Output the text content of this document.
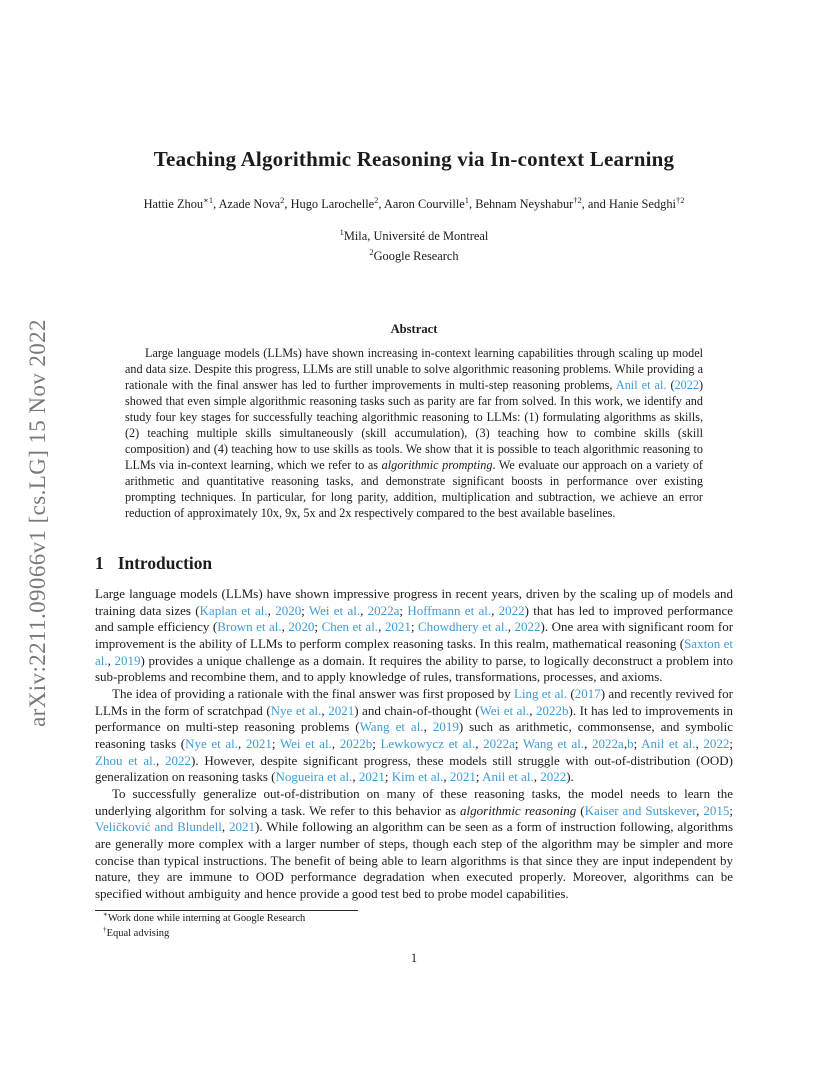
arXiv:2211.09066v1 [cs.LG] 15 Nov 2022
Teaching Algorithmic Reasoning via In-context Learning
Hattie Zhou$^{∗1}$, Azade Nova$^2$, Hugo Larochelle$^2$, Aaron Courville$^1$, Behnam Neyshabur$^{\dagger 2}$, and Hanie Sedghi$^{\dagger 2}$
$^1$Mila, Université de Montreal
$^2$Google Research
Abstract

Large language models (LLMs) have shown increasing in-context learning capabilities through scaling up model and data size. Despite this progress, LLMs are still unable to solve algorithmic reasoning problems. While providing a rationale with the final answer has led to further improvements in multi-step reasoning problems, Anil et al. (2022) showed that even simple algorithmic reasoning tasks such as parity are far from solved. In this work, we identify and study four key stages for successfully teaching algorithmic reasoning to LLMs: (1) formulating algorithms as skills, (2) teaching multiple skills simultaneously (skill accumulation), (3) teaching how to combine skills (skill composition) and (4) teaching how to use skills as tools. We show that it is possible to teach algorithmic reasoning to LLMs via in-context learning, which we refer to as algorithmic prompting. We evaluate our approach on a variety of arithmetic and quantitative reasoning tasks, and demonstrate significant boosts in performance over existing prompting techniques. In particular, for long parity, addition, multiplication and subtraction, we achieve an error reduction of approximately 10x, 9x, 5x and 2x respectively compared to the best available baselines.

1 Introduction

Large language models (LLMs) have shown impressive progress in recent years, driven by the scaling up of models and training data sizes (Kaplan et al., 2020; Wei et al., 2022a; Hoffmann et al., 2022) that has led to improved performance and sample efficiency (Brown et al., 2020; Chen et al., 2021; Chowdhery et al., 2022). One area with significant room for improvement is the ability of LLMs to perform complex reasoning tasks. In this realm, mathematical reasoning (Saxton et al., 2019) provides a unique challenge as a domain. It requires the ability to parse, to logically deconstruct a problem into sub-problems and recombine them, and to apply knowledge of rules, transformations, processes, and axioms.

The idea of providing a rationale with the final answer was first proposed by Ling et al. (2017) and recently revived for LLMs in the form of scratchpad (Nye et al., 2021) and chain-of-thought (Wei et al., 2022b). It has led to improvements in performance on multi-step reasoning problems (Wang et al., 2019) such as arithmetic, commonsense, and symbolic reasoning tasks (Nye et al., 2021; Wei et al., 2022b; Lewkowycz et al., 2022a; Wang et al., 2022a,b; Anil et al., 2022; Zhou et al., 2022). However, despite significant progress, these models still struggle with out-of-distribution (OOD) generalization on reasoning tasks (Nogueira et al., 2021; Kim et al., 2021; Anil et al., 2022).

To successfully generalize out-of-distribution on many of these reasoning tasks, the model needs to learn the underlying algorithm for solving a task. We refer to this behavior as algorithmic reasoning (Kaiser and Sutskever, 2015; Veličković and Blundell, 2021). While following an algorithm can be seen as a form of instruction following, algorithms are generally more complex with a larger number of steps, though each step of the algorithm may be simpler and more concise than typical instructions. The benefit of being able to learn algorithms is that since they are input independent by nature, they are immune to OOD performance degradation when executed properly. Moreover, algorithms can be specified without ambiguity and hence provide a good test bed to probe model capabilities.

∗Work done while interning at Google Research
†Equal advising
1
